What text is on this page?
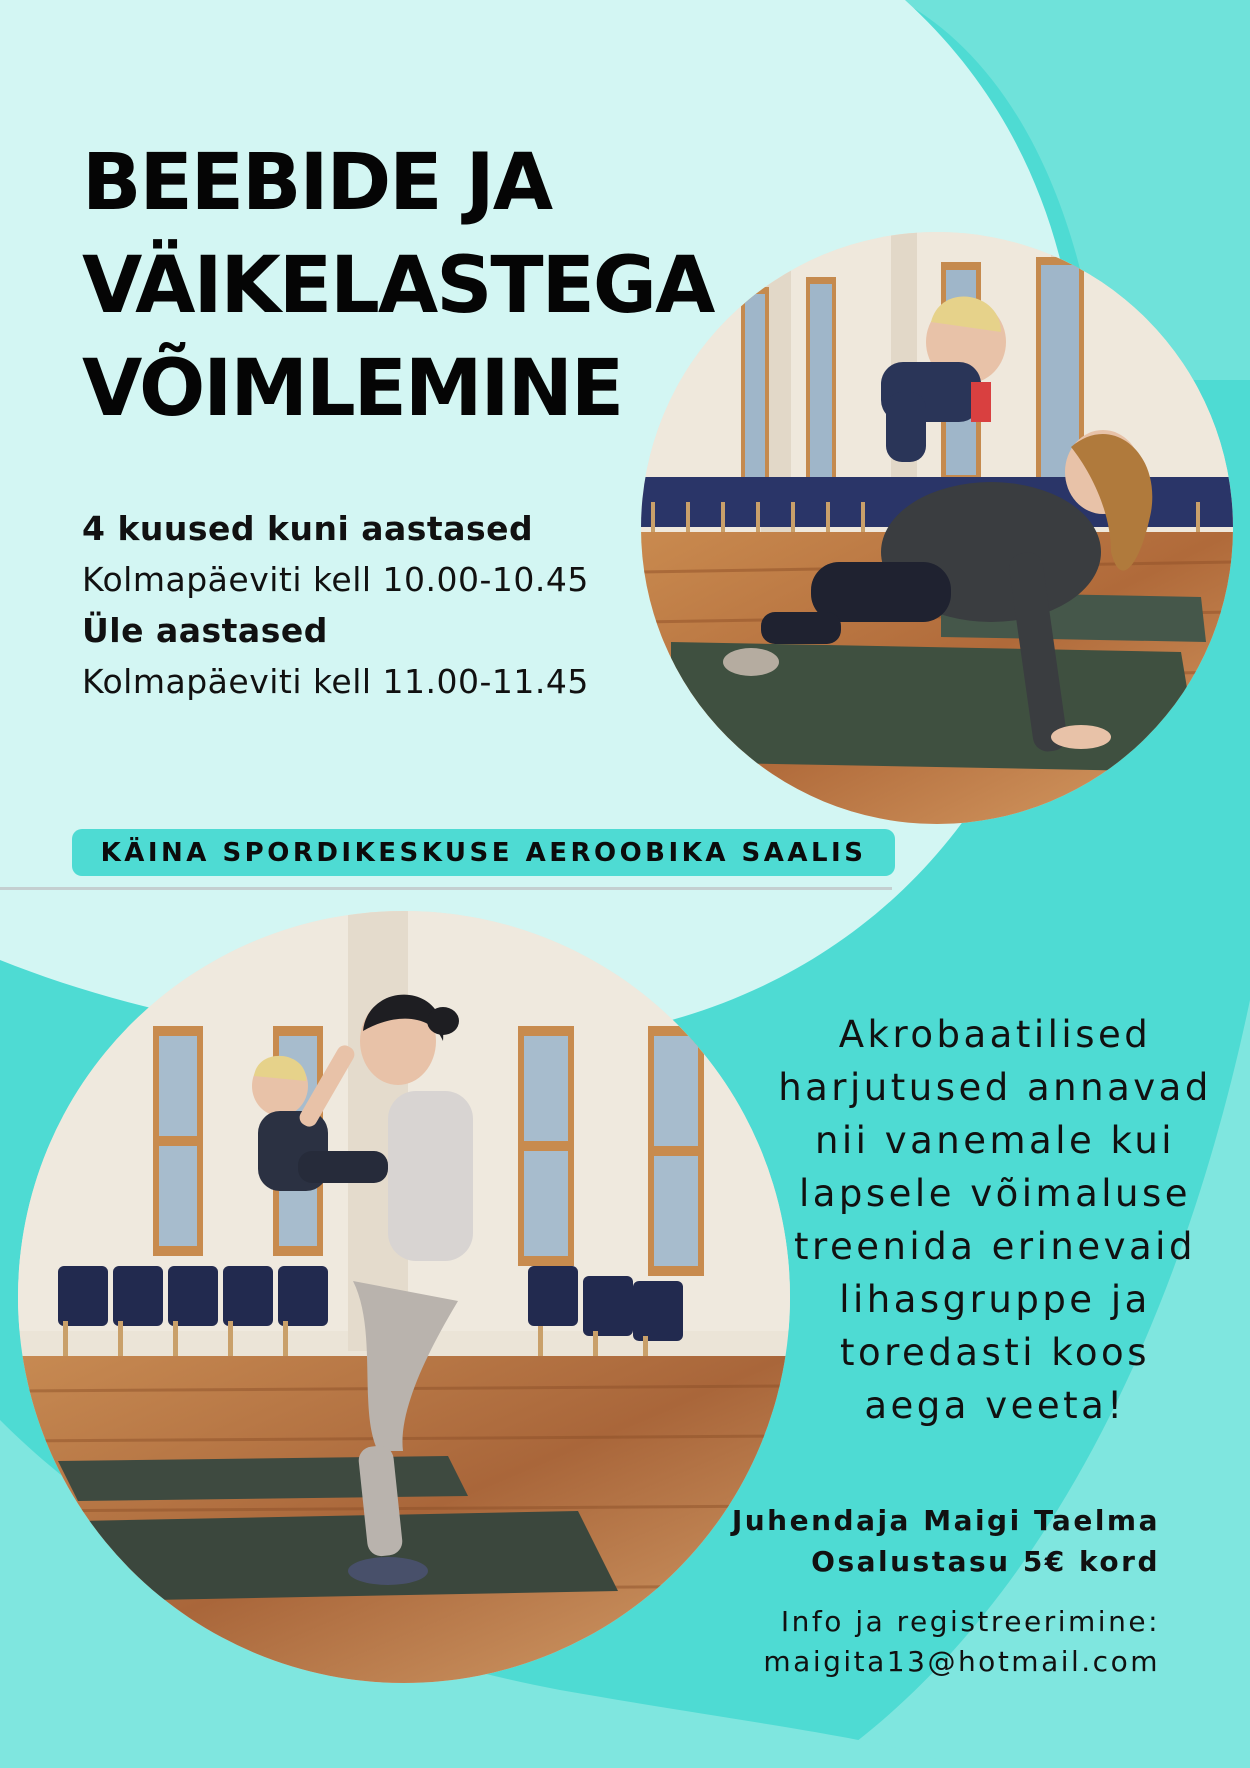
BEEBIDE JA
VÄIKELASTEGA
VÕIMLEMINE
4 kuused kuni aastased
Kolmapäeviti kell 10.00-10.45
Üle aastased
Kolmapäeviti kell 11.00-11.45
KÄINA SPORDIKESKUSE AEROOBIKA SAALIS

Akrobaatilised
harjutused annavad
nii vanemale kui
lapsele võimaluse
treenida erinevaid
lihasgruppe ja
toredasti koos
aega veeta!

Juhendaja Maigi Taelma
Osalustasu 5€ kord
Info ja registreerimine:
maigita13@hotmail.com
